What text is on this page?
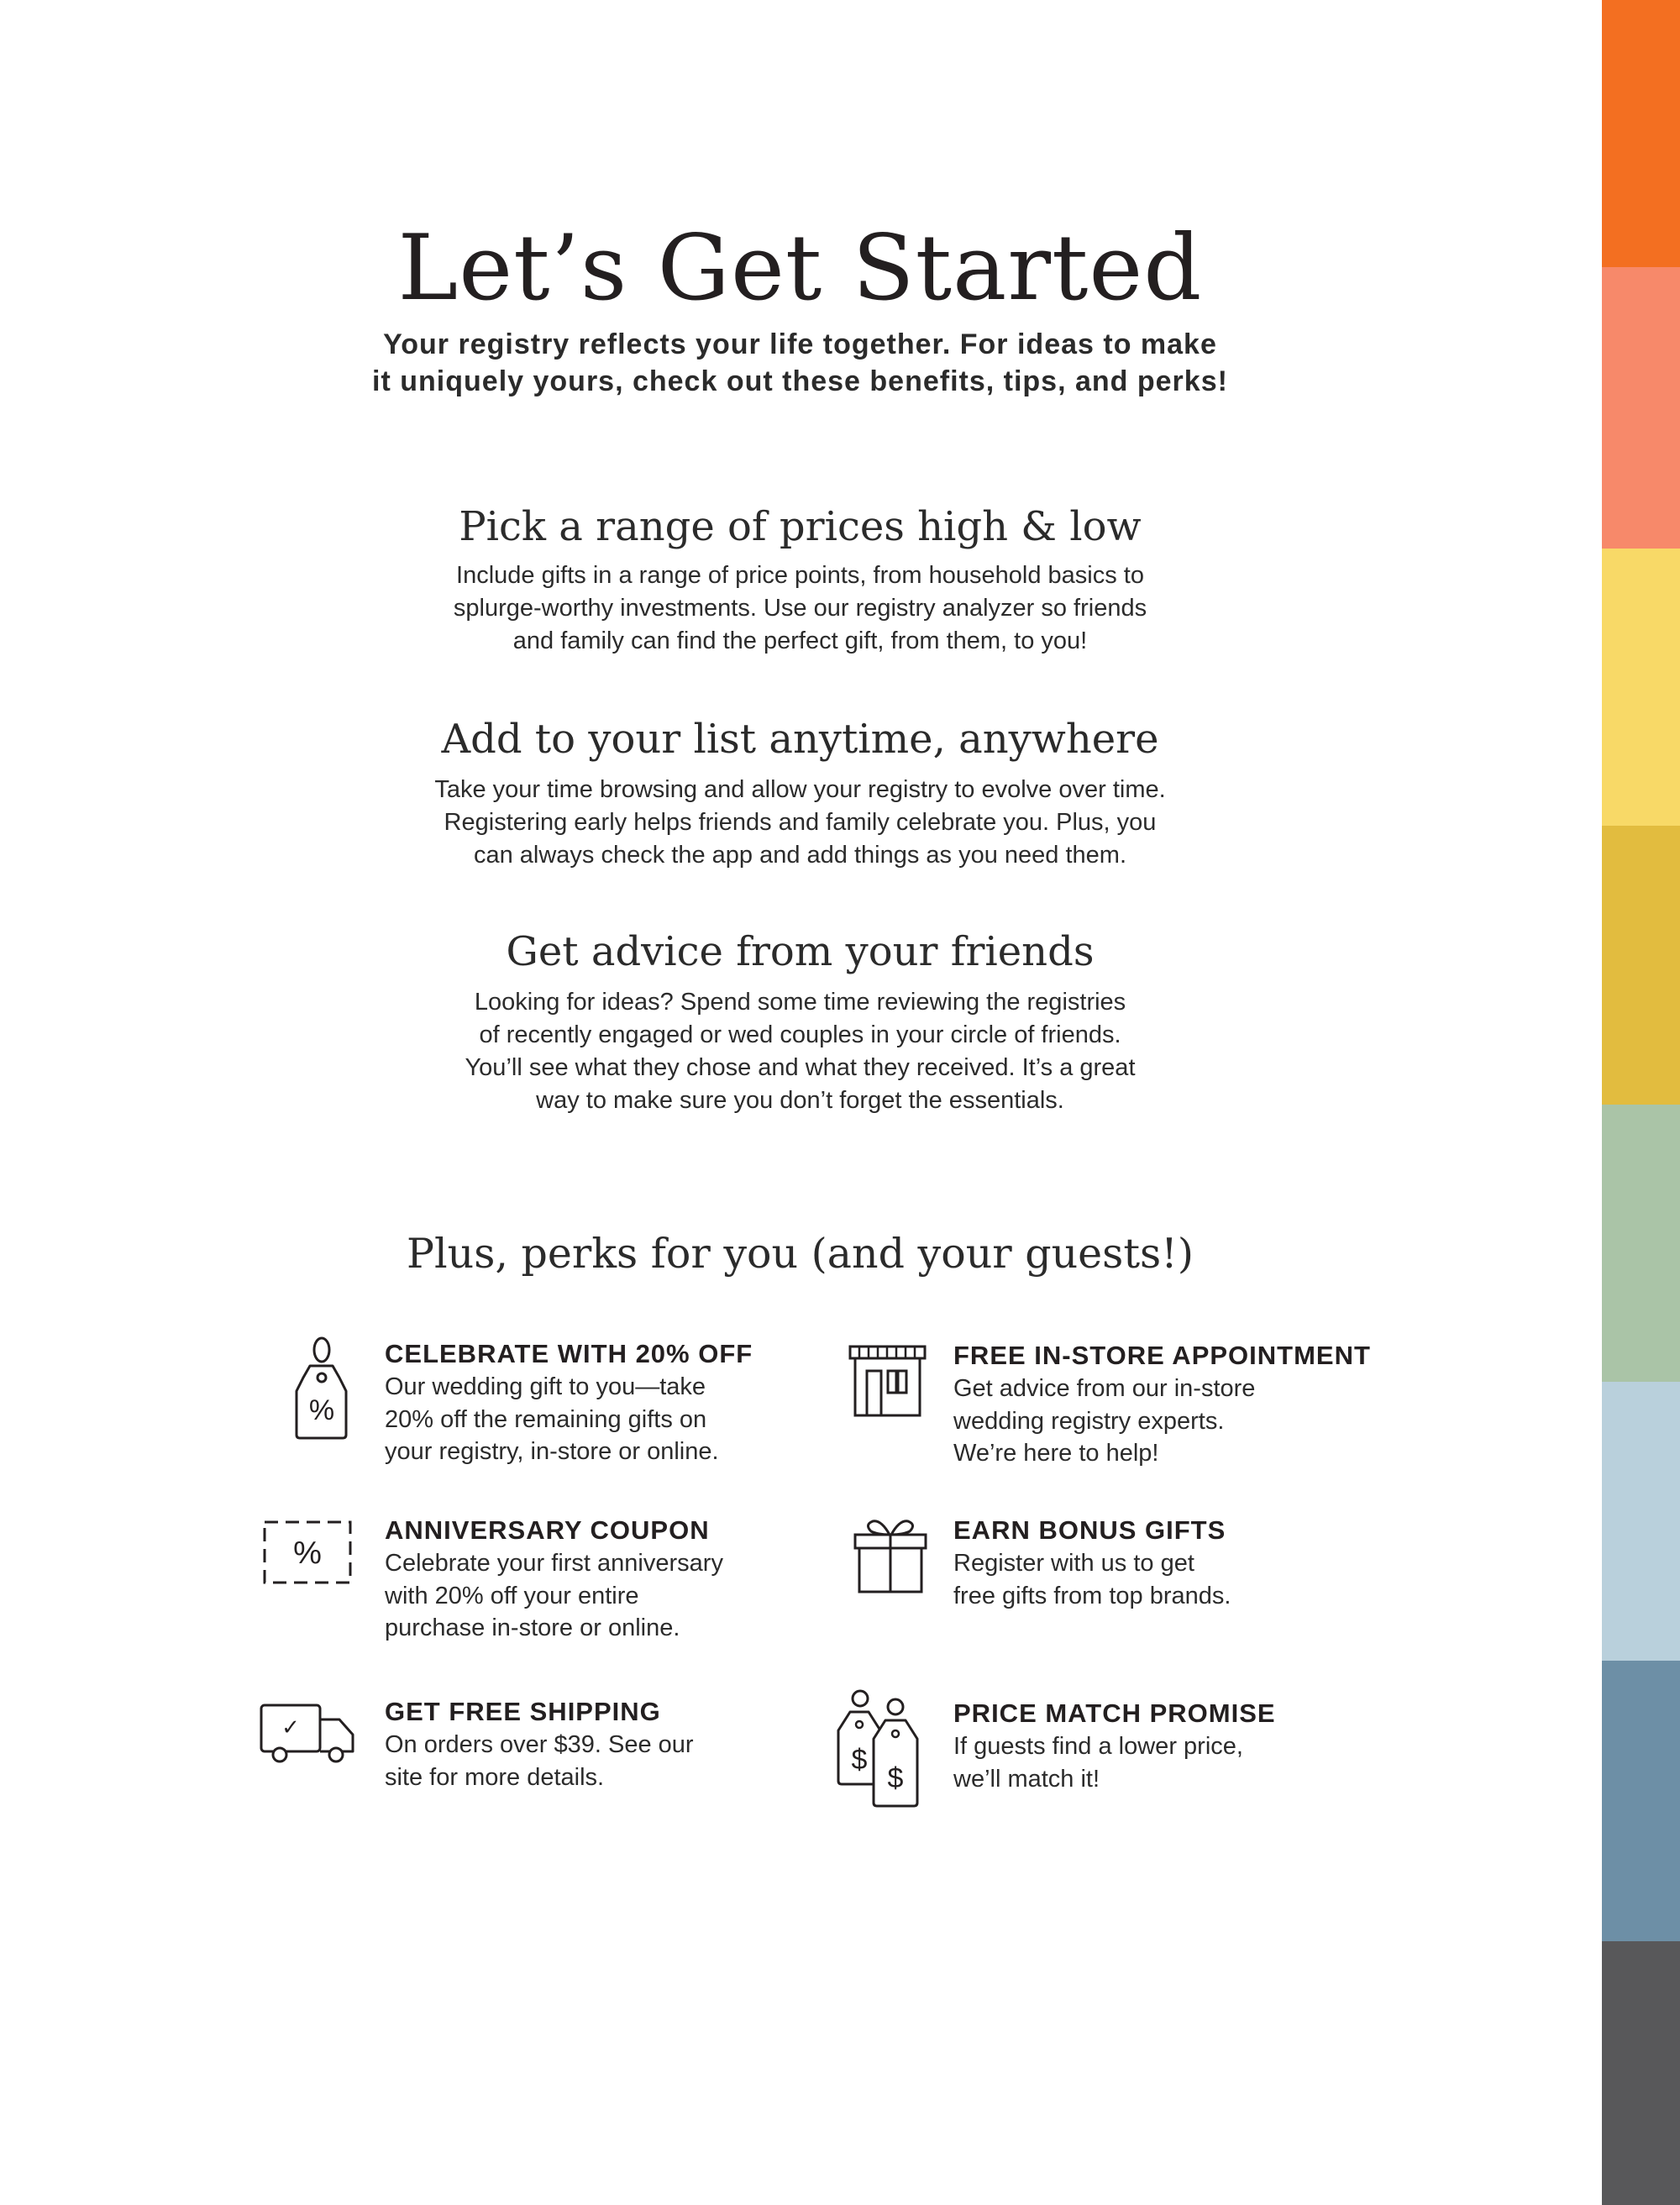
Let’s Get Started
Your registry reflects your life together. For ideas to make
it uniquely yours, check out these benefits, tips, and perks!
Pick a range of prices high & low
Include gifts in a range of price points, from household basics to
splurge-worthy investments. Use our registry analyzer so friends
and family can find the perfect gift, from them, to you!
Add to your list anytime, anywhere
Take your time browsing and allow your registry to evolve over time.
Registering early helps friends and family celebrate you. Plus, you
can always check the app and add things as you need them.
Get advice from your friends
Looking for ideas? Spend some time reviewing the registries
of recently engaged or wed couples in your circle of friends.
You’ll see what they chose and what they received. It’s a great
way to make sure you don’t forget the essentials.
Plus, perks for you (and your guests!)
%
CELEBRATE WITH 20% OFF
Our wedding gift to you—take
20% off the remaining gifts on
your registry, in-store or online.
FREE IN-STORE APPOINTMENT
Get advice from our in-store
wedding registry experts.
We’re here to help!
%
ANNIVERSARY COUPON
Celebrate your first anniversary
with 20% off your entire
purchase in-store or online.
EARN BONUS GIFTS
Register with us to get
free gifts from top brands.
✓
GET FREE SHIPPING
On orders over $39. See our
site for more details.
$
$
PRICE MATCH PROMISE
If guests find a lower price,
we’ll match it!
